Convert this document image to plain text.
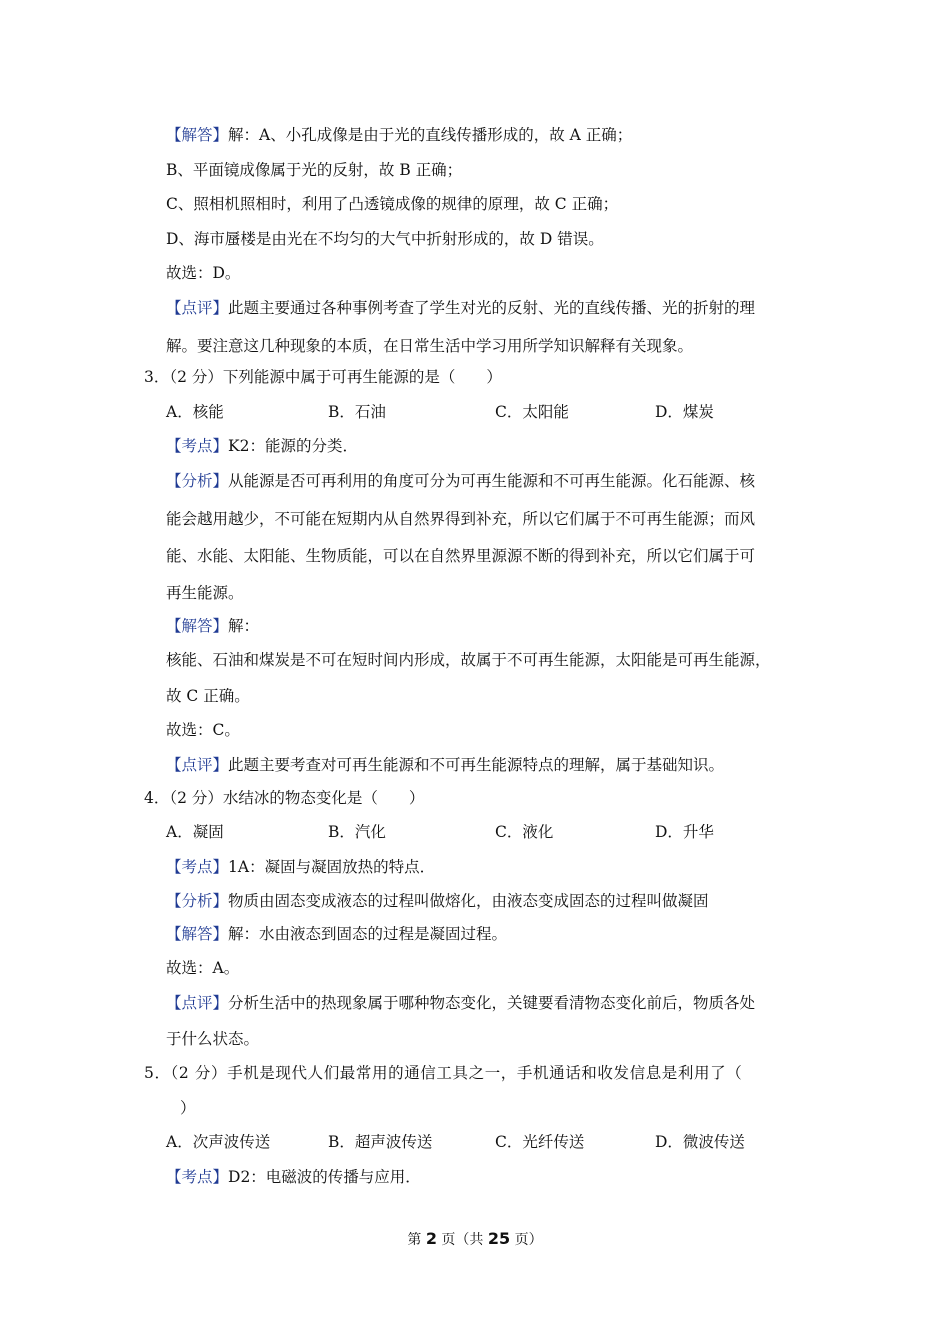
【解答】解：A、小孔成像是由于光的直线传播形成的，故 A 正确；
B、平面镜成像属于光的反射，故 B 正确；
C、照相机照相时，利用了凸透镜成像的规律的原理，故 C 正确；
D、海市蜃楼是由光在不均匀的大气中折射形成的，故 D 错误。
故选：D。
【点评】此题主要通过各种事例考查了学生对光的反射、光的直线传播、光的折射的理
解。要注意这几种现象的本质，在日常生活中学习用所学知识解释有关现象。
3．（2 分）下列能源中属于可再生能源的是（　　）
A．核能	B．石油	C．太阳能	D．煤炭
【考点】K2：能源的分类．
【分析】从能源是否可再利用的角度可分为可再生能源和不可再生能源。化石能源、核
能会越用越少，不可能在短期内从自然界得到补充，所以它们属于不可再生能源；而风
能、水能、太阳能、生物质能，可以在自然界里源源不断的得到补充，所以它们属于可
再生能源。
【解答】解：
核能、石油和煤炭是不可在短时间内形成，故属于不可再生能源，太阳能是可再生能源，
故 C 正确。
故选：C。
【点评】此题主要考查对可再生能源和不可再生能源特点的理解，属于基础知识。
4．（2 分）水结冰的物态变化是（　　）
A．凝固	B．汽化	C．液化	D．升华
【考点】1A：凝固与凝固放热的特点．
【分析】物质由固态变成液态的过程叫做熔化，由液态变成固态的过程叫做凝固
【解答】解：水由液态到固态的过程是凝固过程。
故选：A。
【点评】分析生活中的热现象属于哪种物态变化，关键要看清物态变化前后，物质各处
于什么状态。
5．（2 分）手机是现代人们最常用的通信工具之一，手机通话和收发信息是利用了（
）
A．次声波传送	B．超声波传送	C．光纤传送	D．微波传送
【考点】D2：电磁波的传播与应用．
第 2 页（共 25 页）
